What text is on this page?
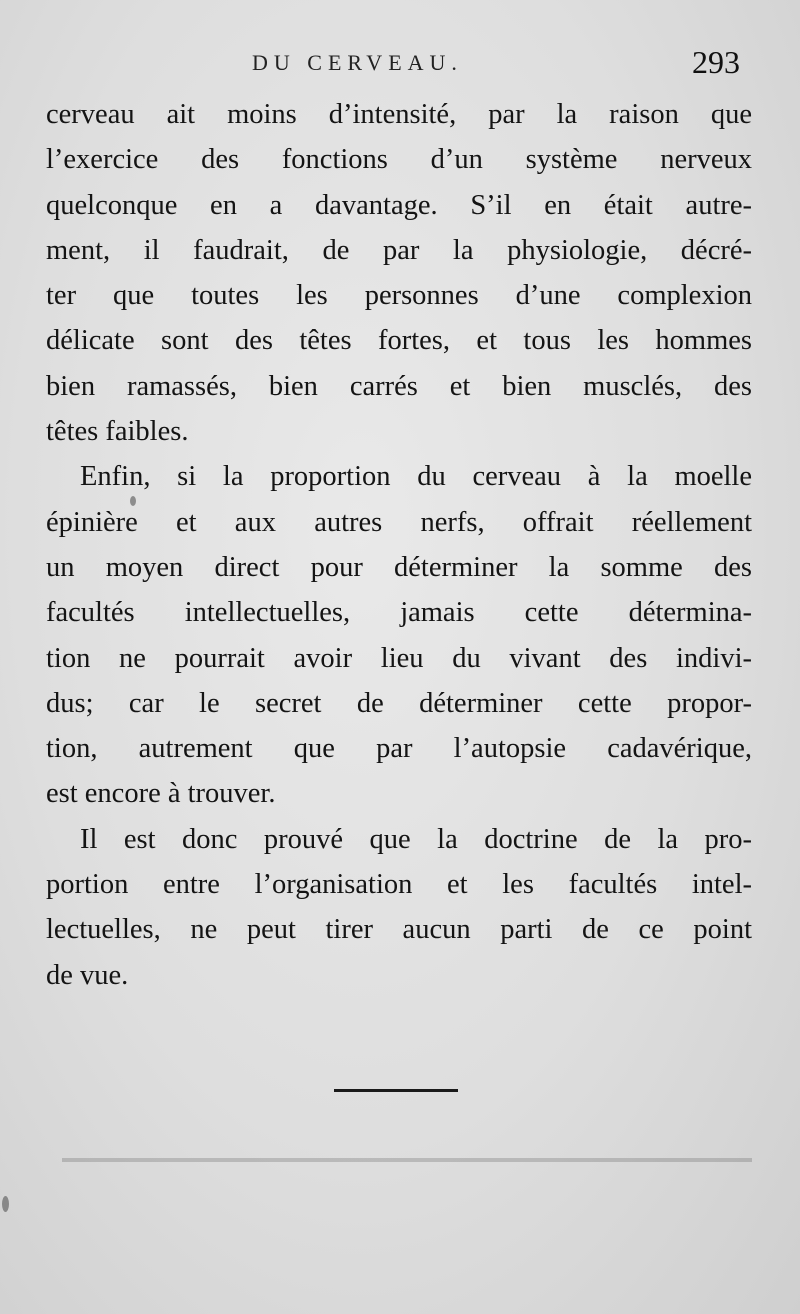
DU CERVEAU.	293
cerveau ait moins d’intensité, par la raison que
l’exercice des fonctions d’un système nerveux
quelconque en a davantage. S’il en était autre-
ment, il faudrait, de par la physiologie, décré-
ter que toutes les personnes d’une complexion
délicate sont des têtes fortes, et tous les hommes
bien ramassés, bien carrés et bien musclés, des
têtes faibles.
Enfin, si la proportion du cerveau à la moelle
épinière et aux autres nerfs, offrait réellement
un moyen direct pour déterminer la somme des
facultés intellectuelles, jamais cette détermina-
tion ne pourrait avoir lieu du vivant des indivi-
dus; car le secret de déterminer cette propor-
tion, autrement que par l’autopsie cadavérique,
est encore à trouver.
Il est donc prouvé que la doctrine de la pro-
portion entre l’organisation et les facultés intel-
lectuelles, ne peut tirer aucun parti de ce point
de vue.
